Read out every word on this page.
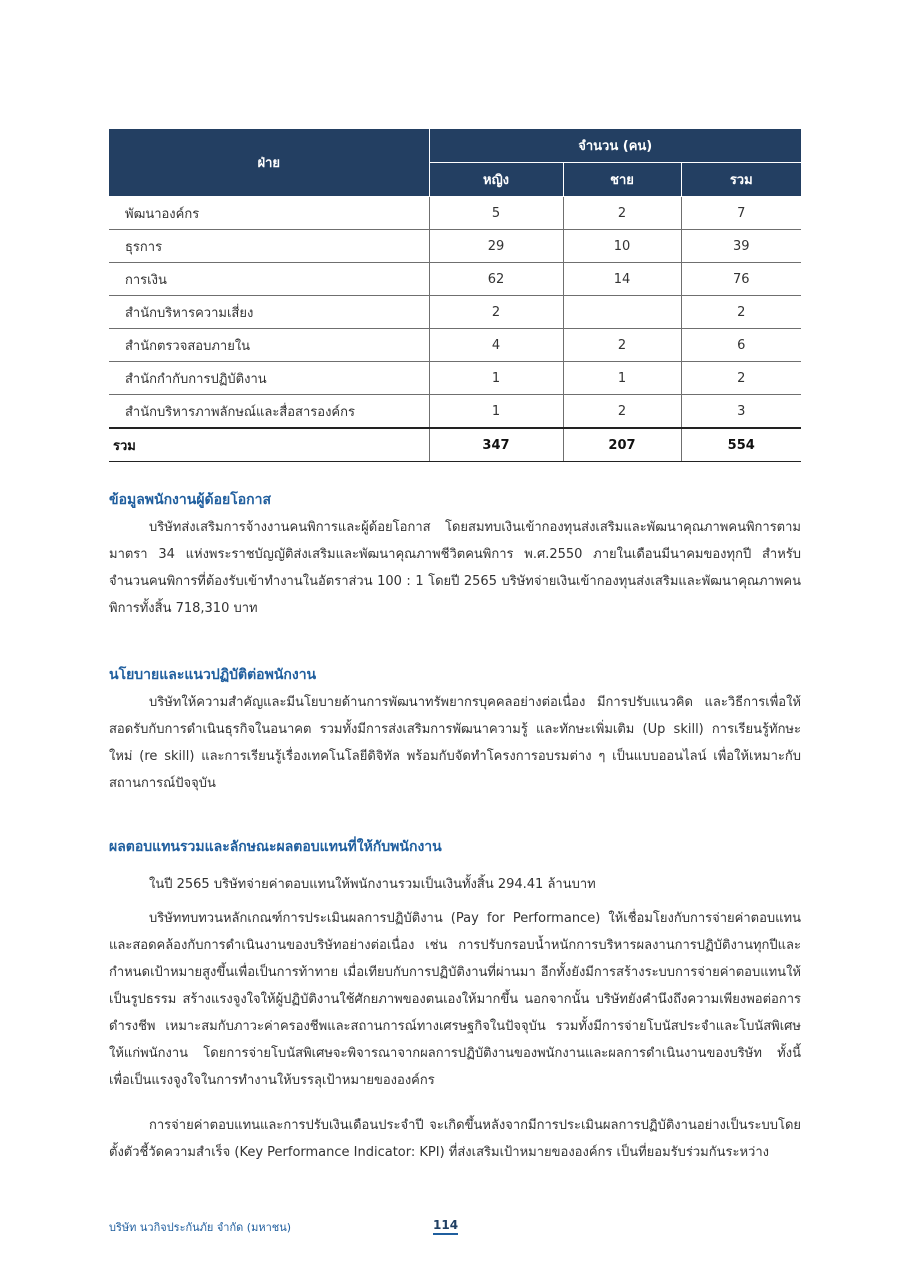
ฝ่าย	จำนวน (คน)		
	หญิง	ชาย	รวม
พัฒนาองค์กร	5	2	7
ธุรการ	29	10	39
การเงิน	62	14	76
สำนักบริหารความเสี่ยง	2		2
สำนักตรวจสอบภายใน	4	2	6
สำนักกำกับการปฏิบัติงาน	1	1	2
สำนักบริหารภาพลักษณ์และสื่อสารองค์กร	1	2	3
รวม	347	207	554
ข้อมูลพนักงานผู้ด้อยโอกาส

บริษัทส่งเสริมการจ้างงานคนพิการและผู้ด้อยโอกาส โดยสมทบเงินเข้ากองทุนส่งเสริมและพัฒนาคุณภาพคนพิการตามมาตรา 34 แห่งพระราชบัญญัติส่งเสริมและพัฒนาคุณภาพชีวิตคนพิการ พ.ศ.2550 ภายในเดือนมีนาคมของทุกปี สำหรับจำนวนคนพิการที่ต้องรับเข้าทำงานในอัตราส่วน 100 : 1 โดยปี 2565 บริษัทจ่ายเงินเข้ากองทุนส่งเสริมและพัฒนาคุณภาพคนพิการทั้งสิ้น 718,310 บาท

นโยบายและแนวปฏิบัติต่อพนักงาน

บริษัทให้ความสำคัญและมีนโยบายด้านการพัฒนาทรัพยากรบุคคลอย่างต่อเนื่อง มีการปรับแนวคิด และวิธีการเพื่อให้สอดรับกับการดำเนินธุรกิจในอนาคต รวมทั้งมีการส่งเสริมการพัฒนาความรู้ และทักษะเพิ่มเติม (Up skill) การเรียนรู้ทักษะใหม่ (re skill) และการเรียนรู้เรื่องเทคโนโลยีดิจิทัล พร้อมกับจัดทำโครงการอบรมต่าง ๆ เป็นแบบออนไลน์ เพื่อให้เหมาะกับสถานการณ์ปัจจุบัน

ผลตอบแทนรวมและลักษณะผลตอบแทนที่ให้กับพนักงาน

ในปี 2565 บริษัทจ่ายค่าตอบแทนให้พนักงานรวมเป็นเงินทั้งสิ้น 294.41 ล้านบาท

บริษัททบทวนหลักเกณฑ์การประเมินผลการปฏิบัติงาน (Pay for Performance) ให้เชื่อมโยงกับการจ่ายค่าตอบแทนและสอดคล้องกับการดำเนินงานของบริษัทอย่างต่อเนื่อง เช่น การปรับกรอบน้ำหนักการบริหารผลงานการปฏิบัติงานทุกปีและกำหนดเป้าหมายสูงขึ้นเพื่อเป็นการท้าทาย เมื่อเทียบกับการปฏิบัติงานที่ผ่านมา อีกทั้งยังมีการสร้างระบบการจ่ายค่าตอบแทนให้เป็นรูปธรรม สร้างแรงจูงใจให้ผู้ปฏิบัติงานใช้ศักยภาพของตนเองให้มากขึ้น นอกจากนั้น บริษัทยังคำนึงถึงความเพียงพอต่อการดำรงชีพ เหมาะสมกับภาวะค่าครองชีพและสถานการณ์ทางเศรษฐกิจในปัจจุบัน รวมทั้งมีการจ่ายโบนัสประจำและโบนัสพิเศษให้แก่พนักงาน โดยการจ่ายโบนัสพิเศษจะพิจารณาจากผลการปฏิบัติงานของพนักงานและผลการดำเนินงานของบริษัท ทั้งนี้ เพื่อเป็นแรงจูงใจในการทำงานให้บรรลุเป้าหมายขององค์กร

การจ่ายค่าตอบแทนและการปรับเงินเดือนประจำปี จะเกิดขึ้นหลังจากมีการประเมินผลการปฏิบัติงานอย่างเป็นระบบโดยตั้งตัวชี้วัดความสำเร็จ (Key Performance Indicator: KPI) ที่ส่งเสริมเป้าหมายขององค์กร เป็นที่ยอมรับร่วมกันระหว่าง

บริษัท นวกิจประกันภัย จำกัด (มหาชน)	114
